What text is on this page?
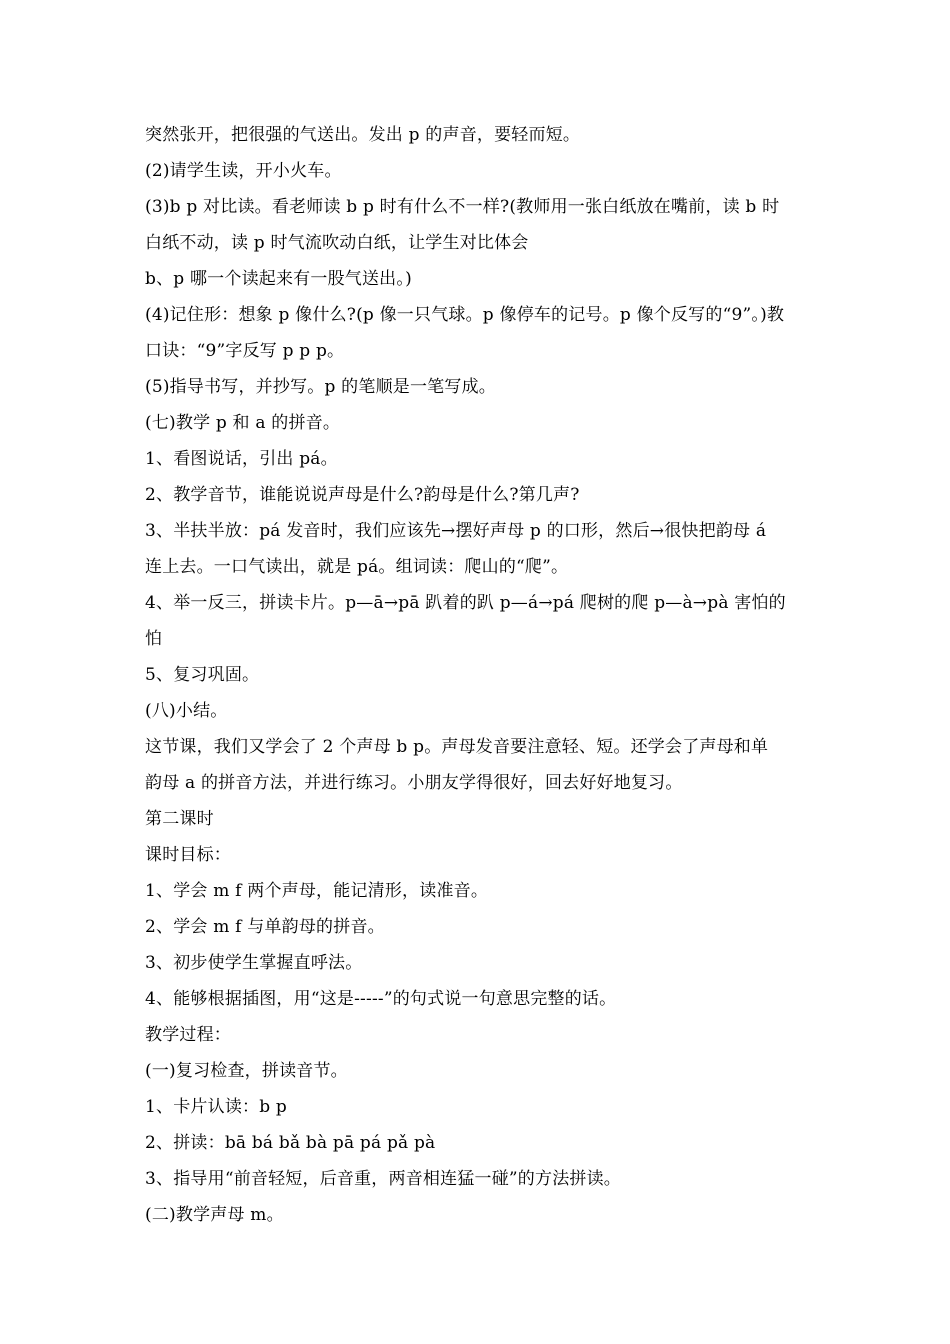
突然张开，把很强的气送出。发出 p 的声音，要轻而短。
(2)请学生读，开小火车。
(3)b p 对比读。看老师读 b p 时有什么不一样?(教师用一张白纸放在嘴前，读 b 时
白纸不动，读 p 时气流吹动白纸，让学生对比体会
b、p 哪一个读起来有一股气送出。)
(4)记住形：想象 p 像什么?(p 像一只气球。p 像停车的记号。p 像个反写的“9”。)教
口诀：“9”字反写 p p p。
(5)指导书写，并抄写。p 的笔顺是一笔写成。
(七)教学 p 和 a 的拼音。
1、看图说话，引出 pá。
2、教学音节，谁能说说声母是什么?韵母是什么?第几声?
3、半扶半放：pá 发音时，我们应该先→摆好声母 p 的口形，然后→很快把韵母 á
连上去。一口气读出，就是 pá。组词读：爬山的“爬”。
4、举一反三，拼读卡片。p—ā→pā 趴着的趴 p—á→pá 爬树的爬 p—à→pà 害怕的
怕
5、复习巩固。
(八)小结。
这节课，我们又学会了 2 个声母 b p。声母发音要注意轻、短。还学会了声母和单
韵母 a 的拼音方法，并进行练习。小朋友学得很好，回去好好地复习。
第二课时
课时目标：
1、学会 m f 两个声母，能记清形，读准音。
2、学会 m f 与单韵母的拼音。
3、初步使学生掌握直呼法。
4、能够根据插图，用“这是-----”的句式说一句意思完整的话。
教学过程：
(一)复习检查，拼读音节。
1、卡片认读：b p
2、拼读：bā bá bǎ bà pā pá pǎ pà
3、指导用“前音轻短，后音重，两音相连猛一碰”的方法拼读。
(二)教学声母 m。
